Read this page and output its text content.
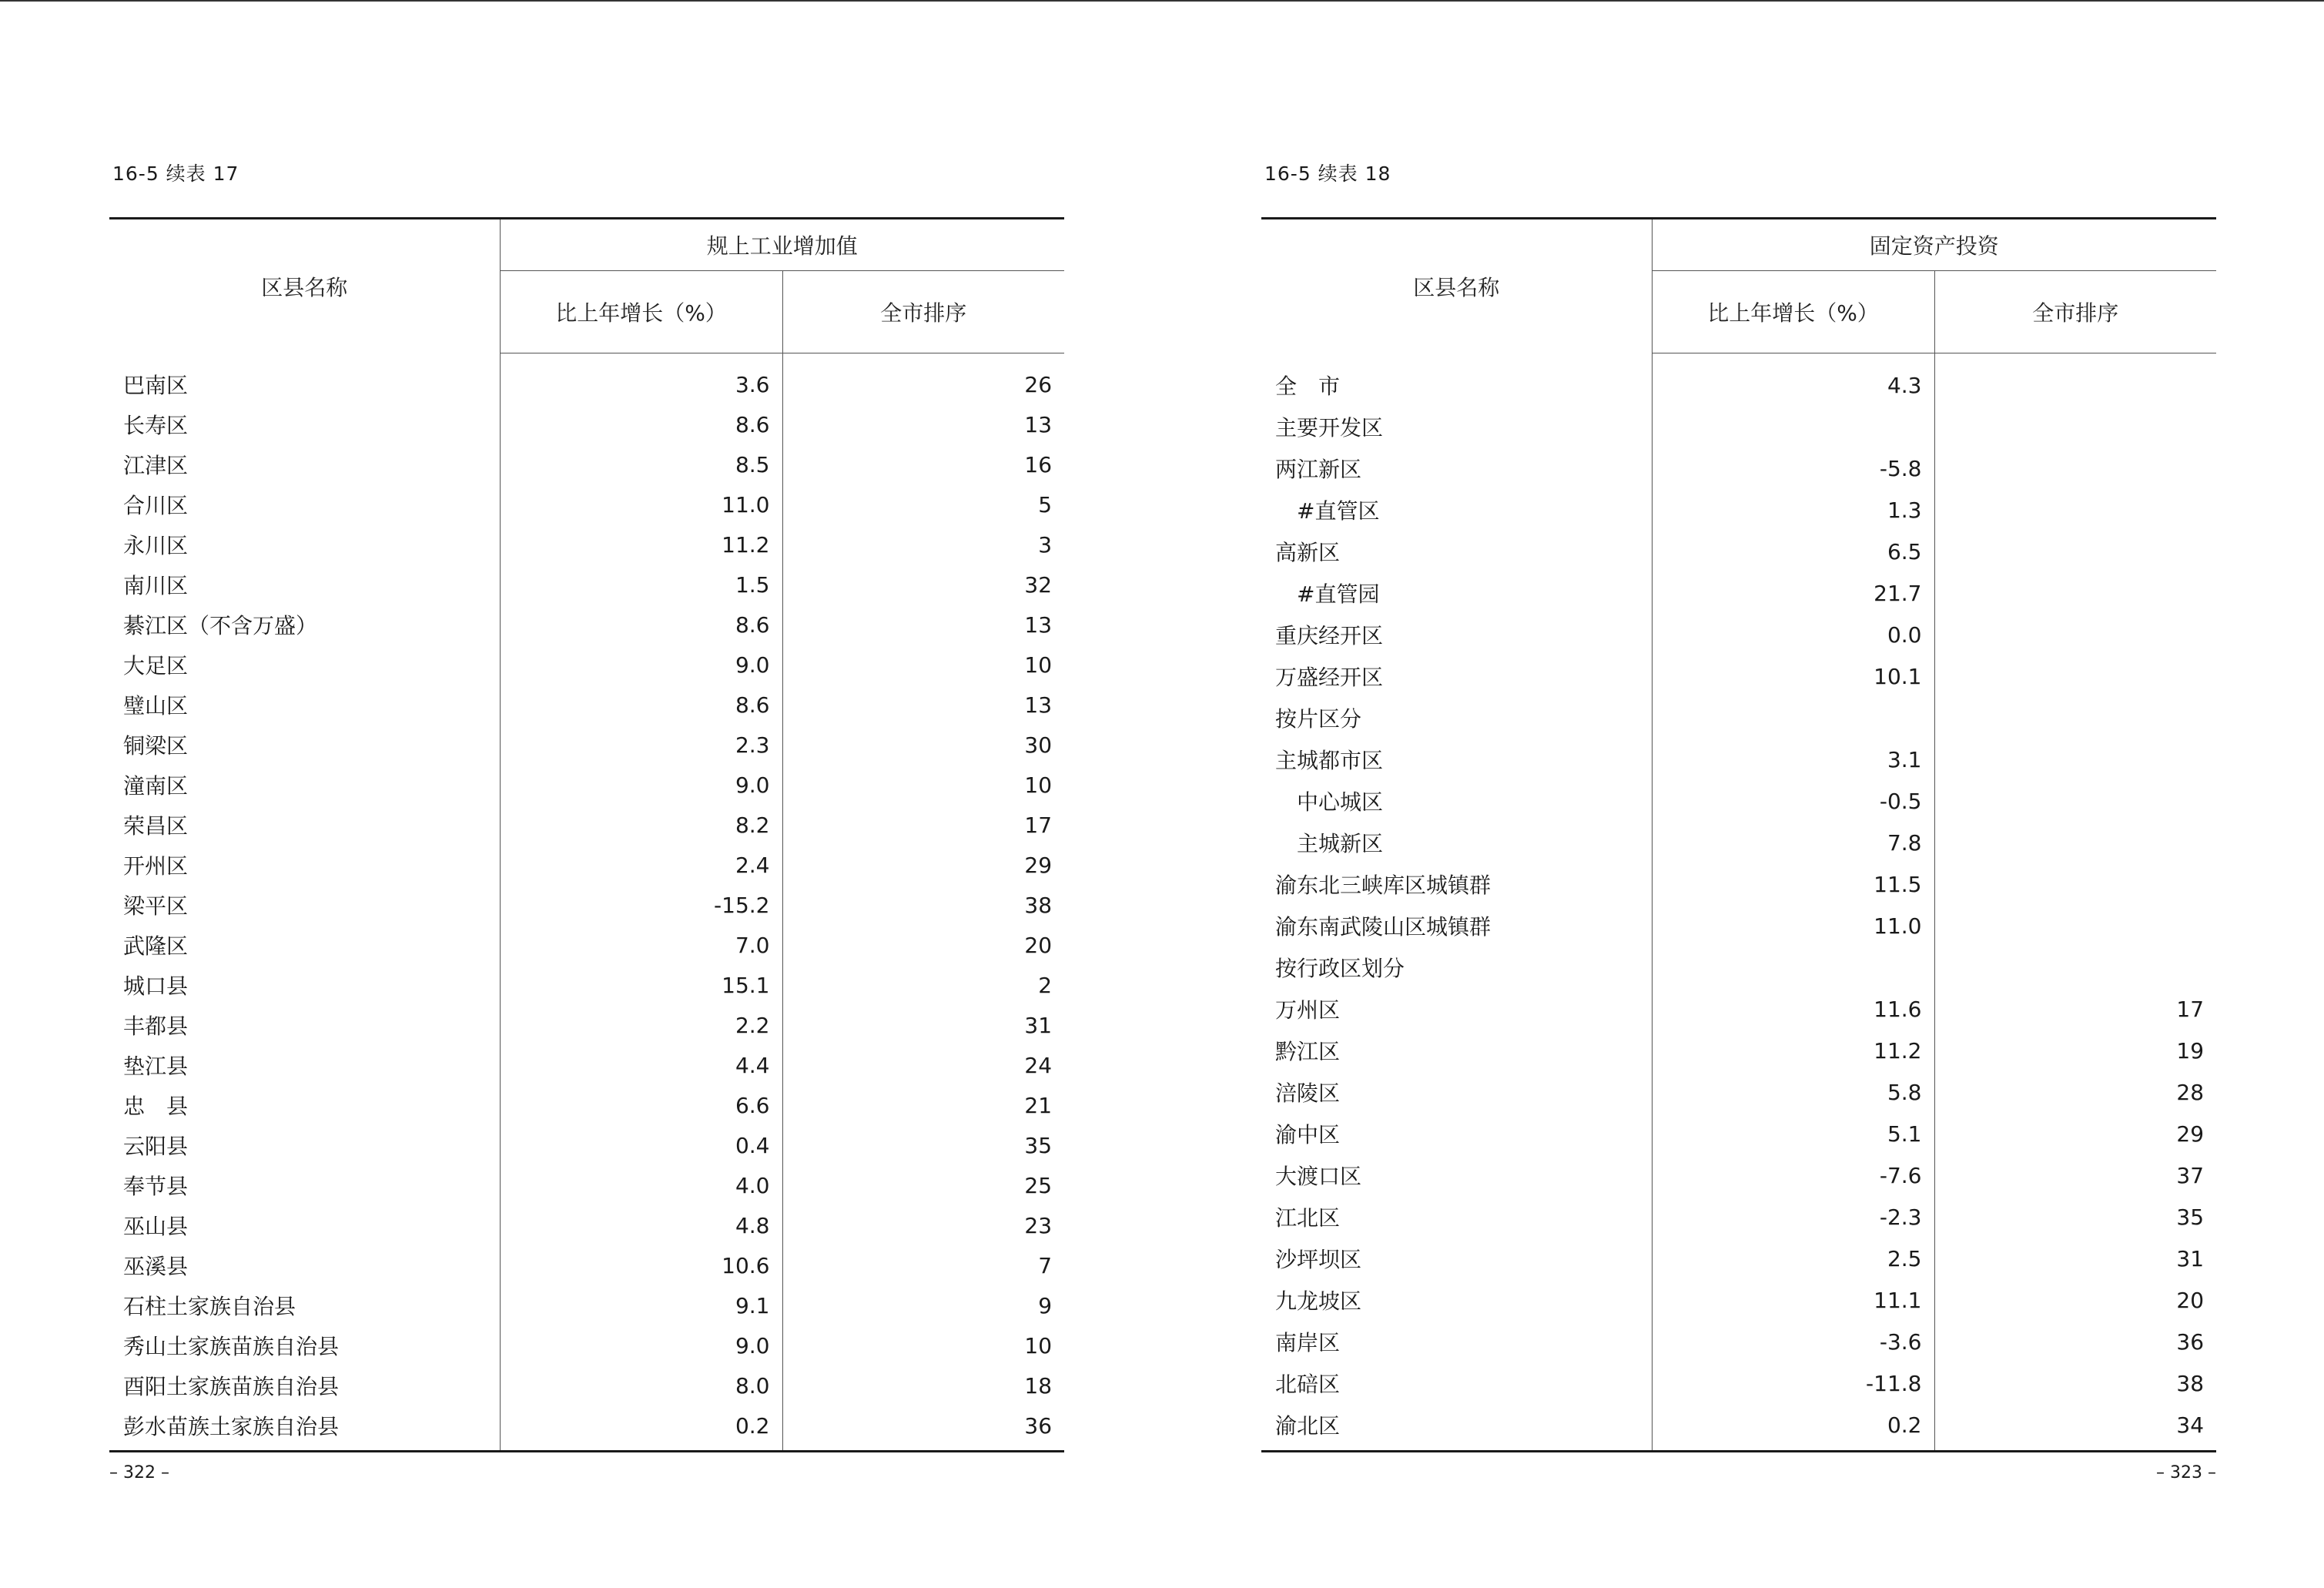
16-5 续表 17
区县名称	规上工业增加值	
	比上年增长（%）	全市排序
巴南区	3.6	26
长寿区	8.6	13
江津区	8.5	16
合川区	11.0	5
永川区	11.2	3
南川区	1.5	32
綦江区（不含万盛）	8.6	13
大足区	9.0	10
璧山区	8.6	13
铜梁区	2.3	30
潼南区	9.0	10
荣昌区	8.2	17
开州区	2.4	29
梁平区	-15.2	38
武隆区	7.0	20
城口县	15.1	2
丰都县	2.2	31
垫江县	4.4	24
忠　县	6.6	21
云阳县	0.4	35
奉节县	4.0	25
巫山县	4.8	23
巫溪县	10.6	7
石柱土家族自治县	9.1	9
秀山土家族苗族自治县	9.0	10
酉阳土家族苗族自治县	8.0	18
彭水苗族土家族自治县	0.2	36
– 322 –
16-5 续表 18
区县名称	固定资产投资	
	比上年增长（%）	全市排序
全　市	4.3	
主要开发区		
两江新区	-5.8	
#直管区	1.3	
高新区	6.5	
#直管园	21.7	
重庆经开区	0.0	
万盛经开区	10.1	
按片区分		
主城都市区	3.1	
中心城区	-0.5	
主城新区	7.8	
渝东北三峡库区城镇群	11.5	
渝东南武陵山区城镇群	11.0	
按行政区划分		
万州区	11.6	17
黔江区	11.2	19
涪陵区	5.8	28
渝中区	5.1	29
大渡口区	-7.6	37
江北区	-2.3	35
沙坪坝区	2.5	31
九龙坡区	11.1	20
南岸区	-3.6	36
北碚区	-11.8	38
渝北区	0.2	34
– 323 –
